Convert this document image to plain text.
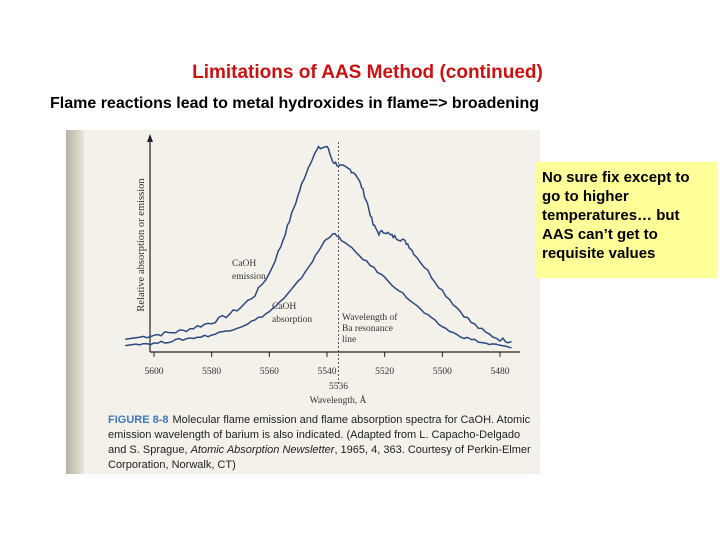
Limitations of AAS Method (continued)
Flame reactions lead to metal hydroxides in flame=> broadening
5600	5580	5560	5540	5520	5500	5480
Relative absorption or emission
5536
Wavelength, Å
CaOH emission
CaOH absorption	Wavelength of Ba resonance line
No sure fix except to go to higher temperatures… but AAS can’t get to requisite values
FIGURE 8-8 Molecular flame emission and flame absorption spectra for CaOH. Atomic emission wavelength of barium is also indicated. (Adapted from L. Capacho-Delgado and S. Sprague, Atomic Absorption Newsletter, 1965, 4, 363. Courtesy of Perkin-Elmer Corporation, Norwalk, CT)
